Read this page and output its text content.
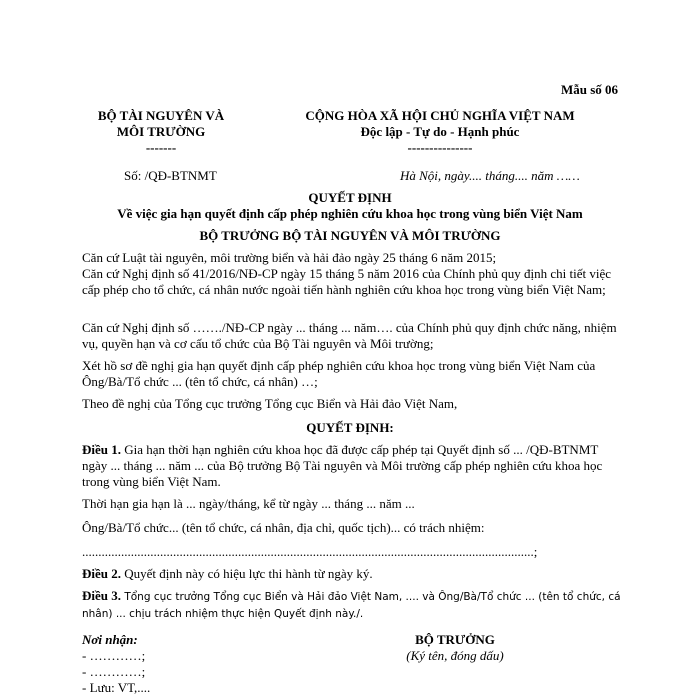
Mẫu số 06
BỘ TÀI NGUYÊN VÀ
MÔI TRƯỜNG
-------
CỘNG HÒA XÃ HỘI CHỦ NGHĨA VIỆT NAM
Độc lập - Tự do - Hạnh phúc
---------------
Số: /QĐ-BTNMT	Hà Nội, ngày.... tháng.... năm ……
QUYẾT ĐỊNH
Về việc gia hạn quyết định cấp phép nghiên cứu khoa học trong vùng biển Việt Nam
BỘ TRƯỞNG BỘ TÀI NGUYÊN VÀ MÔI TRƯỜNG
Căn cứ Luật tài nguyên, môi trường biển và hải đảo ngày 25 tháng 6 năm 2015;
Căn cứ Nghị định số 41/2016/NĐ-CP ngày 15 tháng 5 năm 2016 của Chính phủ quy định chi tiết việc cấp phép cho tổ chức, cá nhân nước ngoài tiến hành nghiên cứu khoa học trong vùng biển Việt Nam;
Căn cứ Nghị định số ……./NĐ-CP ngày ... tháng ... năm…. của Chính phủ quy định chức năng, nhiệm vụ, quyền hạn và cơ cấu tổ chức của Bộ Tài nguyên và Môi trường;
Xét hồ sơ đề nghị gia hạn quyết định cấp phép nghiên cứu khoa học trong vùng biển Việt Nam của Ông/Bà/Tổ chức ... (tên tổ chức, cá nhân) …;
Theo đề nghị của Tổng cục trưởng Tổng cục Biển và Hải đảo Việt Nam,
QUYẾT ĐỊNH:
Điều 1. Gia hạn thời hạn nghiên cứu khoa học đã được cấp phép tại Quyết định số ... /QĐ-BTNMT ngày ... tháng ... năm ... của Bộ trưởng Bộ Tài nguyên và Môi trường cấp phép nghiên cứu khoa học trong vùng biển Việt Nam.
Thời hạn gia hạn là ... ngày/tháng, kể từ ngày ... tháng ... năm ...
Ông/Bà/Tổ chức... (tên tổ chức, cá nhân, địa chỉ, quốc tịch)... có trách nhiệm:
...........................................................................................................................................;
Điều 2. Quyết định này có hiệu lực thi hành từ ngày ký.
Điều 3. Tổng cục trưởng Tổng cục Biển và Hải đảo Việt Nam, .... và Ông/Bà/Tổ chức ... (tên tổ chức, cá nhân) ... chịu trách nhiệm thực hiện Quyết định này./.
Nơi nhận:
- …………;
- …………;
- Lưu: VT,....
BỘ TRƯỞNG
(Ký tên, đóng dấu)
